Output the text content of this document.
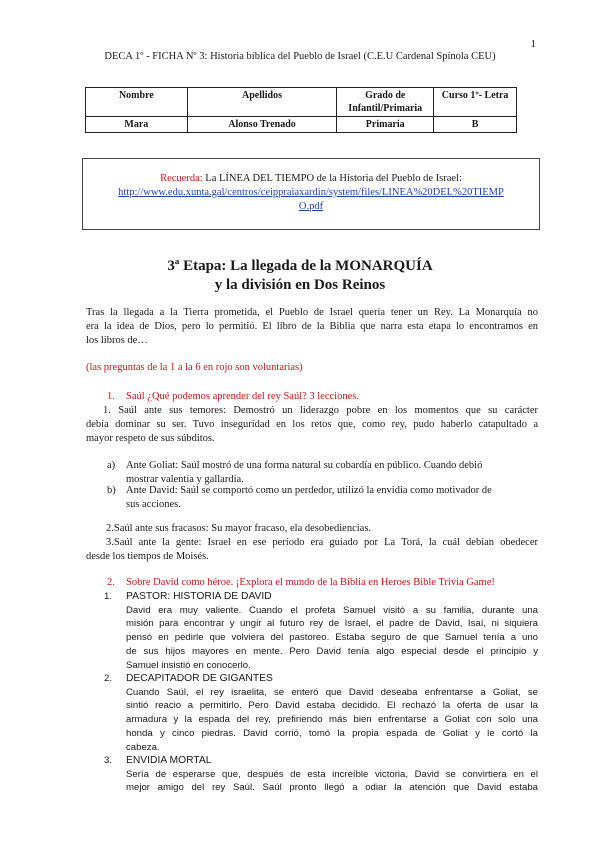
1
DECA 1º - FICHA Nº 3: Historia bíblica del Pueblo de Israel (C.E.U Cardenal Spínola CEU)
Nombre	Apellidos	Grado de Infantil/Primaria	Curso 1º- Letra
Mara	Alonso Trenado	Primaria	B
Recuerda: La LÍNEA DEL TIEMPO de la Historia del Pueblo de Israel:
http://www.edu.xunta.gal/centros/ceippraiaxardin/system/files/LINEA%20DEL%20TIEMP
O.pdf
3ª Etapa: La llegada de la MONARQUÍA
y la división en Dos Reinos
Tras la llegada a la Tierra prometida, el Pueblo de Israel quería tener un Rey. La Monarquía no
era la idea de Dios, pero lo permitió. El libro de la Biblia que narra esta etapa lo encontramos en
los libros de…
(las preguntas de la 1 a la 6 en rojo son voluntarias)
1. Saúl ¿Qué podemos aprender del rey Saúl? 3 lecciones.
1. Saúl ante sus temores: Demostró un liderazgo pobre en los momentos que su carácter
debía dominar su ser. Tuvo inseguridad en los retos que, como rey, pudo haberlo catapultado a
mayor respeto de sus súbditos.
a) Ante Goliat: Saúl mostró de una forma natural su cobardía en público. Cuando debió
mostrar valentía y gallardía.
b) Ante David: Saúl se comportó como un perdedor, utilizó la envidia como motivador de
sus acciones.
2.Saúl ante sus fracasos: Su mayor fracaso, ela desobediencias.
3.Saúl ante la gente: Israel en ese período era guiado por La Torá, la cuál debían obedecer
desde los tiempos de Moisés.
2. Sobre David como héroe. ¡Explora el mundo de la Biblia en Heroes Bible Trivia Game!
1. PASTOR: HISTORIA DE DAVID
David era muy valiente. Cuando el profeta Samuel visitó a su familia, durante una
misión para encontrar y ungir al futuro rey de Israel, el padre de David, Isaí, ni siquiera
pensó en pedirle que volviera del pastoreo. Estaba seguro de que Samuel tenía a uno
de sus hijos mayores en mente. Pero David tenía algo especial desde el principio y
Samuel insistió en conocerlo.
2. DECAPITADOR DE GIGANTES
Cuando Saúl, el rey israelita, se enteró que David deseaba enfrentarse a Goliat, se
sintió reacio a permitirlo. Pero David estaba decidido. El rechazó la oferta de usar la
armadura y la espada del rey, prefiriendo más bien enfrentarse a Goliat con solo una
honda y cinco piedras. David corrió, tomó la propia espada de Goliat y le cortó la
cabeza.
3. ENVIDIA MORTAL
Sería de esperarse que, después de esta increíble victoria, David se convirtiera en el
mejor amigo del rey Saúl. Saúl pronto llegó a odiar la atención que David estaba
